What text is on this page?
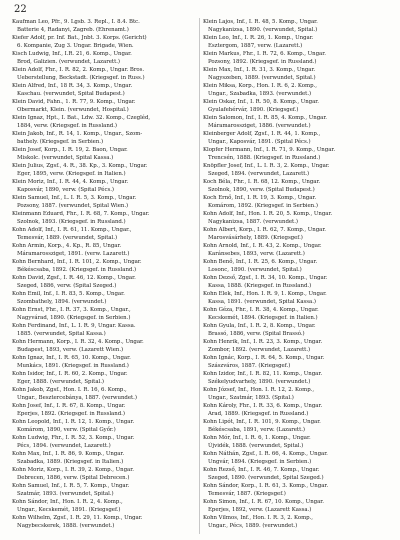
22
Kaufman Leo, Pfr., 9. Lgsb. 3. Repl., I. 8.4. Btc.
Batterie 4, Radanyi, Zagreb. (Ehrenamt.)
Kiefer Adolf, pr. Inf. Bat., Jnbt. 3. Korps. (Gericht)
6. Kompanie, Zug 3. Ungar. Brigade, Wien.
Kisch Ludwig, Inf., I.R. 21, 6. Komp., Ungar.
Brod, Galizien. (verwundet, Lazarett.)
Klein Adolf, Fhr., I. R. 82, 2. Komp., Ungar. Bros.
Ueberstellung, Beckstadt. (Kriegsgef. in Russ.)
Klein Alfred, Inf., 18 R. 34, 3. Komp., Ungar.
Kaschau. (verwundet, Spital Budapest.)
Klein David, Fahn., 1. R. 77, 9. Komp., Ungar.
Obermarkt, Klein. (verwundet, Hospital.)
Klein Ignaz, Hpt., I. Bat., Ldw. 32. Komp., Czegléd,
1884, verw. (Kriegsgef. in Russland.)
Klein Jakob, Inf., R. 14, 1. Komp., Ungar., Szom-
bathely. (Kriegsgef. in Serbien.)
Klein Josef, Korp., I. R. 19, 2. Baon, Ungar.
Miskolc. (verwundet, Spital Kassa.)
Klein Julius, Zgsf., 4. R., 38. Kp., 3. Komp., Ungar.
Eger, 1895, verw. (Kriegsgef. in Italien.)
Klein Moriz, Inf., I. R. 44, 4. Komp., Ungar.
Kaposvár, 1890, verw. (Spital Pécs.)
Klein Samuel, Inf., L. I. R. 5, 3. Komp., Ungar.
Pozsony, 1887. (verwundet, Spital Wien.)
Kleinmann Eduard, Fhr., I. R. 68, 7. Komp., Ungar.
Szolnok, 1893. (Kriegsgef. in Russland.)
Kohn Adolf, Inf., I. R. 61, 11. Komp., Ungar.,
Temesvár, 1889. (verwundet, Spital.)
Kohn Armin, Korp., 4. Kp., R. 85, Ungar.
Máramarossziget, 1891. (verw. Lazarett.)
Kohn Bernhard, Inf., I. R. 101, 2. Komp., Ungar.
Békéscsaba, 1892. (Kriegsgef. in Russland.)
Kohn David, Zgsf., I. R. 46, 12. Komp., Ungar.
Szeged, 1886, verw. (Spital Szeged.)
Kohn Emil, Inf., I. R. 83, 5. Komp., Ungar.
Szombathely, 1894. (verwundet.)
Kohn Ernst, Fhr., I. R. 37, 3. Komp., Ungar.,
Nagyvárad, 1890. (Kriegsgef. in Serbien.)
Kohn Ferdinand, Inf., L. I. R. 9, Ungar. Kassa.
1885. (verwundet, Spital Kassa.)
Kohn Hermann, Korp., I. R. 32, 4. Komp., Ungar.
Budapest, 1893, verw. (Lazarett Wien.)
Kohn Ignaz, Inf., I. R. 65, 10. Komp., Ungar.
Munkács, 1891. (Kriegsgef. in Russland.)
Kohn Isidor, Inf., I. R. 60, 2. Komp., Ungar.
Eger, 1888. (verwundet, Spital.)
Kohn Jakob, Zgsf., Hon. I. R. 16, 6. Komp.,
Ungar., Besztercebánya, 1887. (verwundet.)
Kohn Josef, Inf., I. R. 67, 8. Komp., Ungar.
Eperjes, 1892. (Kriegsgef. in Russland.)
Kohn Leopold, Inf., I. R. 12, 1. Komp., Ungar.
Komárom, 1890, verw. (Spital Győr.)
Kohn Ludwig, Fhr., I. R. 52, 3. Komp., Ungar.
Pécs, 1894. (verwundet, Lazarett.)
Kohn Max, Inf., I. R. 86, 9. Komp., Ungar.
Szabadka, 1889. (Kriegsgef. in Italien.)
Kohn Moriz, Korp., I. R. 39, 2. Komp., Ungar.
Debrecen, 1886, verw. (Spital Debrecen.)
Kohn Samuel, Inf., I. R. 5, 7. Komp., Ungar.
Szatmár, 1893. (verwundet, Spital.)
Kohn Sándor, Inf., Hon. I. R. 2, 4. Komp.,
Ungar., Kecskemét, 1891. (Kriegsgef.)
Kohn Wilhelm, Zgsf., I. R. 29, 11. Komp., Ungar.
Nagybecskerek, 1888. (verwundet.)
Klein Lajos, Inf., I. R. 48, 5. Komp., Ungar.
Nagykanizsa, 1890. (verwundet, Spital.)
Klein Leo, Inf., I. R. 26, 1. Komp., Ungar.
Esztergom, 1887, verw. (Lazarett.)
Klein Markus, Fhr., I. R. 72, 6. Komp., Ungar.
Pozsony, 1892. (Kriegsgef. in Russland.)
Klein Max, Inf., I. R. 31, 3. Komp., Ungar.
Nagyszeben, 1889. (verwundet, Spital.)
Klein Miksa, Korp., Hon. I. R. 6, 2. Komp.,
Ungar., Szabadka, 1893. (verwundet.)
Klein Oskar, Inf., I. R. 50, 8. Komp., Ungar.
Gyulafehérvár, 1890. (Kriegsgef.)
Klein Salomon, Inf., I. R. 85, 4. Komp., Ungar.
Máramarossziget, 1886. (verwundet.)
Kleinberger Adolf, Zgsf., I. R. 44, 1. Komp.,
Ungar., Kaposvár, 1891. (Spital Pécs.)
Klopfer Hermann, Inf., I. R. 71, 9. Komp., Ungar.
Trencsén, 1888. (Kriegsgef. in Russland.)
Knöpfler Josef, Inf., L. I. R. 3, 2. Komp., Ungar.
Szeged, 1894. (verwundet, Lazarett.)
Koch Béla, Fhr., I. R. 68, 12. Komp., Ungar.
Szolnok, 1890, verw. (Spital Budapest.)
Koch Ernő, Inf., I. R. 19, 3. Komp., Ungar.
Komárom, 1892. (Kriegsgef. in Serbien.)
Kohn Adolf, Inf., Hon. I. R. 20, 5. Komp., Ungar.
Nagykanizsa, 1887. (verwundet.)
Kohn Albert, Korp., I. R. 62, 7. Komp., Ungar.
Marosvásárhely, 1889. (Kriegsgef.)
Kohn Arnold, Inf., I. R. 43, 2. Komp., Ungar.
Karánsebes, 1893, verw. (Lazarett.)
Kohn Benő, Inf., I. R. 25, 6. Komp., Ungar.
Losonc, 1890. (verwundet, Spital.)
Kohn Dezső, Zgsf., I. R. 34, 10. Komp., Ungar.
Kassa, 1888. (Kriegsgef. in Russland.)
Kohn Elek, Inf., Hon. I. R. 9, 1. Komp., Ungar.
Kassa, 1891. (verwundet, Spital Kassa.)
Kohn Géza, Fhr., I. R. 38, 4. Komp., Ungar.
Kecskemét, 1894. (Kriegsgef. in Italien.)
Kohn Gyula, Inf., I. R. 2, 8. Komp., Ungar.
Brassó, 1886, verw. (Spital Brassó.)
Kohn Henrik, Inf., I. R. 23, 3. Komp., Ungar.
Zombor, 1892. (verwundet, Lazarett.)
Kohn Ignác, Korp., I. R. 64, 5. Komp., Ungar.
Szászváros, 1887. (Kriegsgef.)
Kohn Izidor, Inf., I. R. 82, 11. Komp., Ungar.
Székelyudvarhely, 1890. (verwundet.)
Kohn József, Inf., Hon. I. R. 12, 2. Komp.,
Ungar., Szatmár, 1893. (Spital.)
Kohn Károly, Fhr., I. R. 33, 6. Komp., Ungar.
Arad, 1889. (Kriegsgef. in Russland.)
Kohn Lipót, Inf., I. R. 101, 9. Komp., Ungar.
Békéscsaba, 1891, verw. (Lazarett.)
Kohn Mór, Inf., I. R. 6, 1. Komp., Ungar.
Újvidék, 1888. (verwundet, Spital.)
Kohn Náthán, Zgsf., I. R. 66, 4. Komp., Ungar.
Ungvár, 1894. (Kriegsgef. in Serbien.)
Kohn Rezső, Inf., I. R. 46, 7. Komp., Ungar.
Szeged, 1890. (verwundet, Spital Szeged.)
Kohn Sándor, Korp., I. R. 61, 3. Komp., Ungar.
Temesvár, 1887. (Kriegsgef.)
Kohn Simon, Inf., I. R. 67, 10. Komp., Ungar.
Eperjes, 1892, verw. (Lazarett Kassa.)
Kohn Vilmos, Inf., Hon. I. R. 3, 2. Komp.,
Ungar., Pécs, 1889. (verwundet.)
